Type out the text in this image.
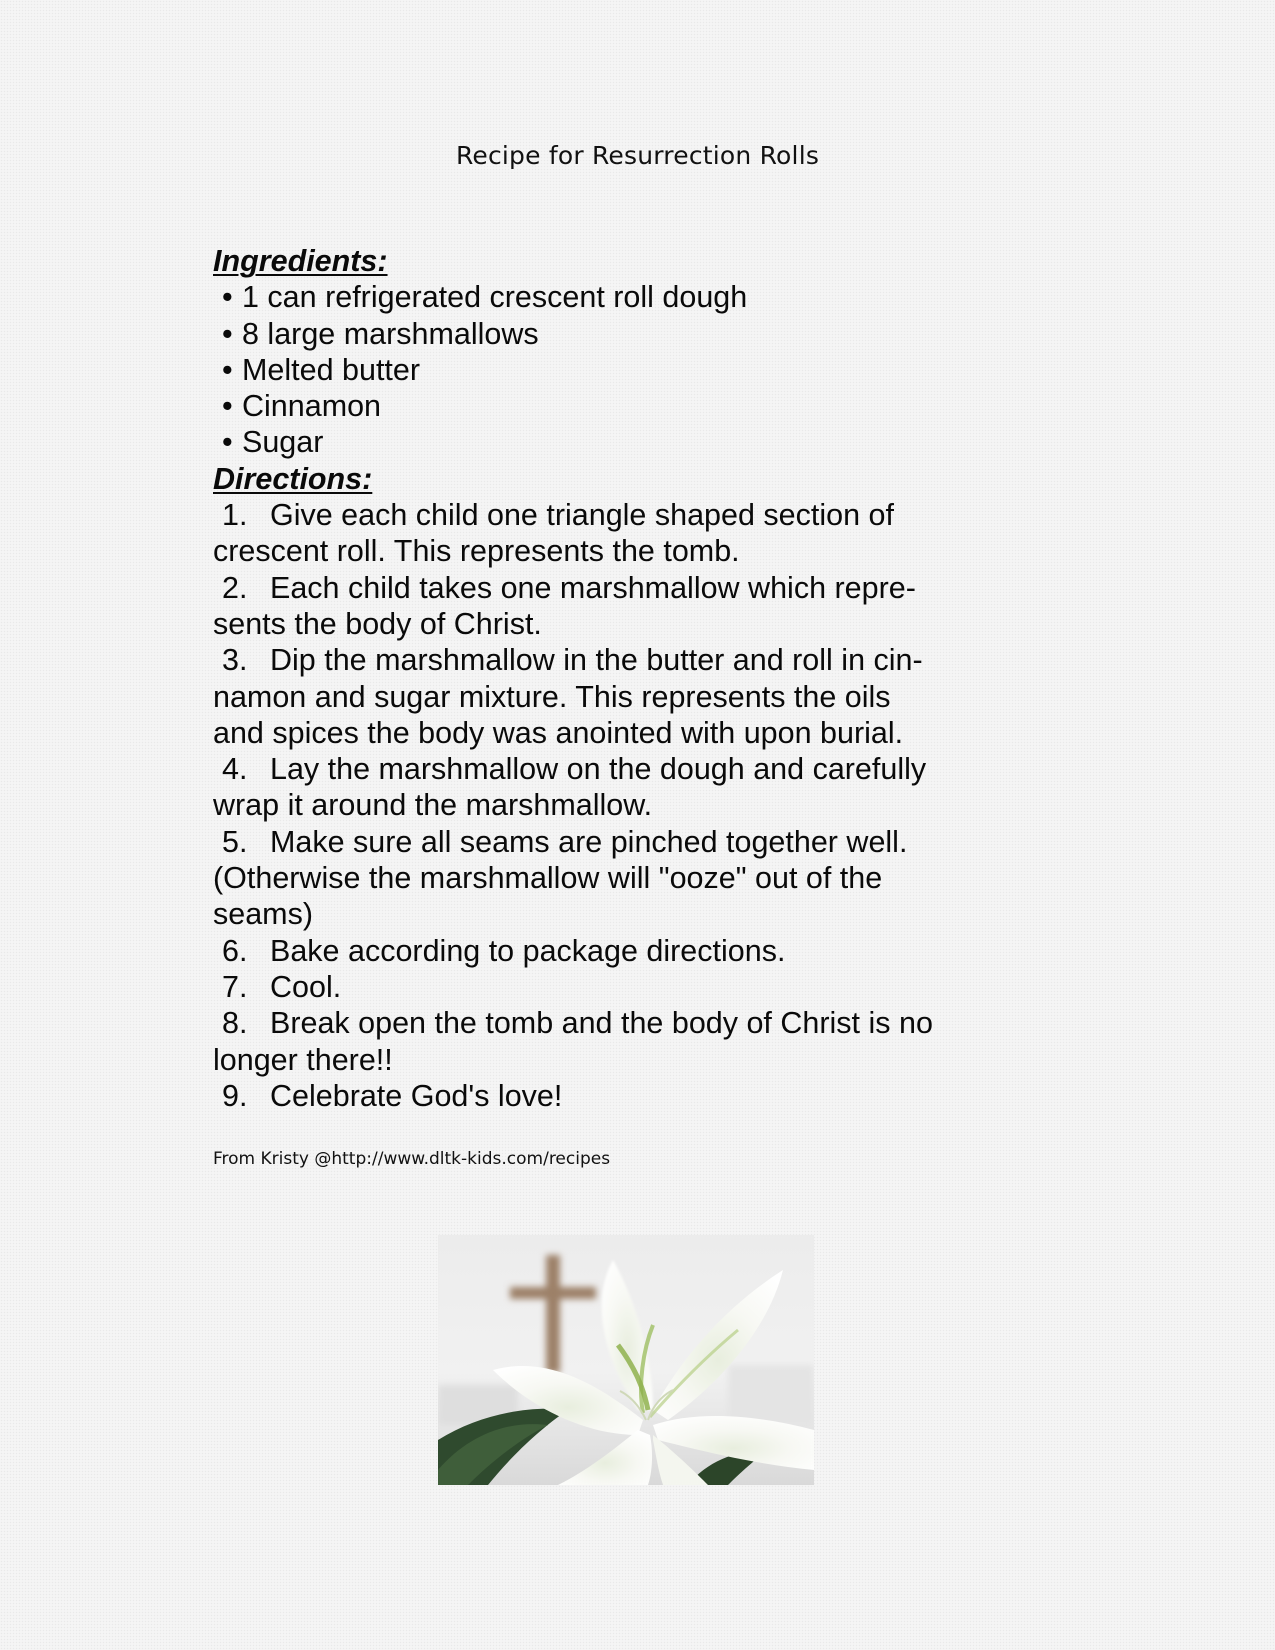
Recipe for Resurrection Rolls
Ingredients:
• 1 can refrigerated crescent roll dough
• 8 large marshmallows
• Melted butter
• Cinnamon
• Sugar
Directions:
1. Give each child one triangle shaped section of
crescent roll. This represents the tomb.
2. Each child takes one marshmallow which repre-
sents the body of Christ.
3. Dip the marshmallow in the butter and roll in cin-
namon and sugar mixture. This represents the oils
and spices the body was anointed with upon burial.
4. Lay the marshmallow on the dough and carefully
wrap it around the marshmallow.
5. Make sure all seams are pinched together well.
(Otherwise the marshmallow will "ooze" out of the
seams)
6. Bake according to package directions.
7. Cool.
8. Break open the tomb and the body of Christ is no
longer there!!
9. Celebrate God's love!
From Kristy @http://www.dltk-kids.com/recipes
